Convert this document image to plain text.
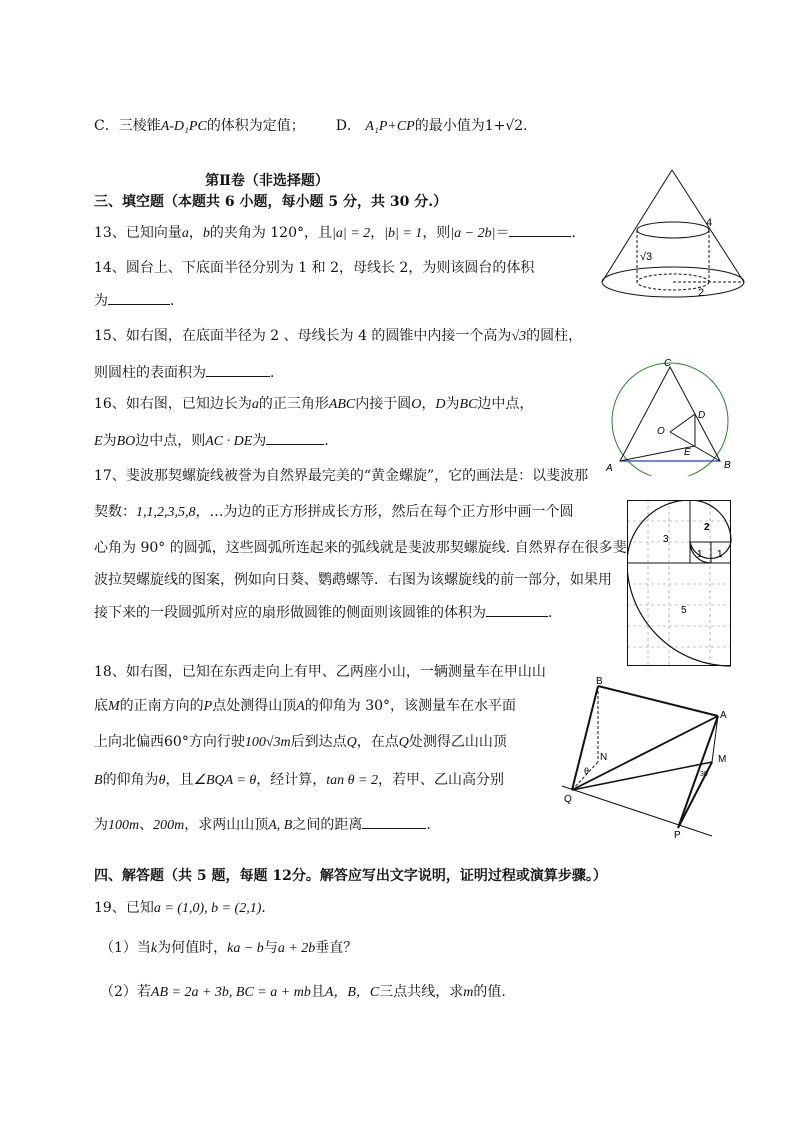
C．三棱锥A-D₁PC的体积为定值； D． A₁P+CP的最小值为1+√2．
第Ⅱ卷（非选择题）
三、填空题（本题共 6 小题，每小题 5 分，共 30 分.）
13、已知向量a，b的夹角为 120°，且|a| = 2，|b| = 1，则|a − 2b|＝	.
14、圆台上、下底面半径分别为 1 和 2，母线长 2，为则该圆台的体积
为	．
15、如右图，在底面半径为 2 、母线长为 4 的圆锥中内接一个高为√3的圆柱，
则圆柱的表面积为	．
16、如右图，已知边长为a的正三角形ABC内接于圆O，D为BC边中点，
E为BO边中点，则AC · DE为	.
17、斐波那契螺旋线被誉为自然界最完美的“黄金螺旋”，它的画法是：以斐波那
契数：1,1,2,3,5,8，…为边的正方形拼成长方形，然后在每个正方形中画一个圆
心角为 90° 的圆弧，这些圆弧所连起来的弧线就是斐波那契螺旋线. 自然界存在很多斐
波拉契螺旋线的图案，例如向日葵、鹦鹉螺等．右图为该螺旋线的前一部分，如果用
接下来的一段圆弧所对应的扇形做圆锥的侧面则该圆锥的体积为	.
18、如右图，已知在东西走向上有甲、乙两座小山，一辆测量车在甲山山
底M的正南方向的P点处测得山顶A的仰角为 30°，该测量车在水平面
上向北偏西60°方向行驶100√3m后到达点Q，在点Q处测得乙山山顶
B的仰角为θ，且∠BQA = θ，经计算，tan θ = 2，若甲、乙山高分别
为100m、200m，求两山山顶A, B之间的距离	.
四、解答题（共 5 题，每题 12分。解答应写出文字说明，证明过程或演算步骤。）
19、已知a = (1,0), b = (2,1)．
（1）当k为何值时，ka − b与a + 2b垂直？
（2）若AB = 2a + 3b, BC = a + mb且A，B，C三点共线，求m的值.
4
√3
2
C
D
O
E
A	B
1 1
2
3
5
B
A
N	M
Q
P
θ	30
